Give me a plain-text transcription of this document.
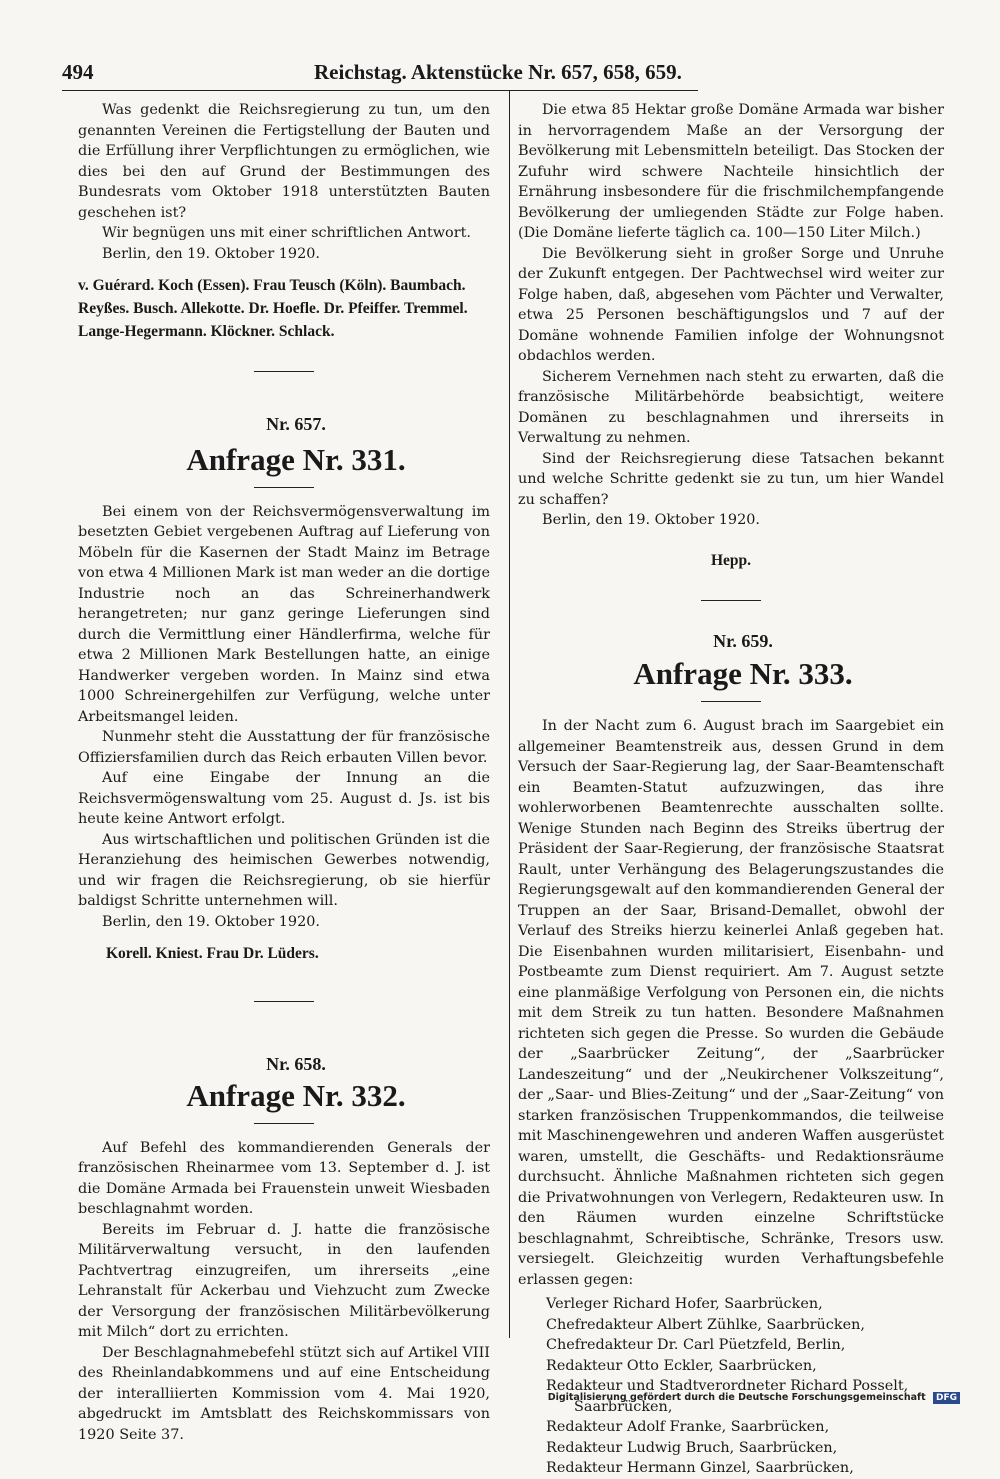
494	Reichstag. Aktenstücke Nr. 657, 658, 659.

Was gedenkt die Reichsregierung zu tun, um den genannten Vereinen die Fertigstellung der Bauten und die Erfüllung ihrer Verpflichtungen zu ermöglichen, wie dies bei den auf Grund der Bestimmungen des Bundesrats vom Oktober 1918 unterstützten Bauten geschehen ist?

Wir begnügen uns mit einer schriftlichen Antwort.

Berlin, den 19. Oktober 1920.

v. Guérard. Koch (Essen). Frau Teusch (Köln). Baumbach. Reyßes. Busch. Allekotte. Dr. Hoefle. Dr. Pfeiffer. Tremmel. Lange-Hegermann. Klöckner. Schlack.

Nr. 657.

Anfrage Nr. 331.

Bei einem von der Reichsvermögensverwaltung im besetzten Gebiet vergebenen Auftrag auf Lieferung von Möbeln für die Kasernen der Stadt Mainz im Betrage von etwa 4 Millionen Mark ist man weder an die dortige Industrie noch an das Schreinerhandwerk herangetreten; nur ganz geringe Lieferungen sind durch die Vermittlung einer Händlerfirma, welche für etwa 2 Millionen Mark Bestellungen hatte, an einige Handwerker vergeben worden. In Mainz sind etwa 1000 Schreinergehilfen zur Verfügung, welche unter Arbeitsmangel leiden.

Nunmehr steht die Ausstattung der für französische Offiziersfamilien durch das Reich erbauten Villen bevor.

Auf eine Eingabe der Innung an die Reichsvermögenswaltung vom 25. August d. Js. ist bis heute keine Antwort erfolgt.

Aus wirtschaftlichen und politischen Gründen ist die Heranziehung des heimischen Gewerbes notwendig, und wir fragen die Reichsregierung, ob sie hierfür baldigst Schritte unternehmen will.

Berlin, den 19. Oktober 1920.

Korell. Kniest. Frau Dr. Lüders.

Nr. 658.

Anfrage Nr. 332.

Auf Befehl des kommandierenden Generals der französischen Rheinarmee vom 13. September d. J. ist die Domäne Armada bei Frauenstein unweit Wiesbaden beschlagnahmt worden.

Bereits im Februar d. J. hatte die französische Militärverwaltung versucht, in den laufenden Pachtvertrag einzugreifen, um ihrerseits „eine Lehranstalt für Ackerbau und Viehzucht zum Zwecke der Versorgung der französischen Militärbevölkerung mit Milch“ dort zu errichten.

Der Beschlagnahmebefehl stützt sich auf Artikel VIII des Rheinlandabkommens und auf eine Entscheidung der interalliierten Kommission vom 4. Mai 1920, abgedruckt im Amtsblatt des Reichskommissars von 1920 Seite 37.

Die etwa 85 Hektar große Domäne Armada war bisher in hervorragendem Maße an der Versorgung der Bevölkerung mit Lebensmitteln beteiligt. Das Stocken der Zufuhr wird schwere Nachteile hinsichtlich der Ernährung insbesondere für die frischmilchempfangende Bevölkerung der umliegenden Städte zur Folge haben. (Die Domäne lieferte täglich ca. 100—150 Liter Milch.)

Die Bevölkerung sieht in großer Sorge und Unruhe der Zukunft entgegen. Der Pachtwechsel wird weiter zur Folge haben, daß, abgesehen vom Pächter und Verwalter, etwa 25 Personen beschäftigungslos und 7 auf der Domäne wohnende Familien infolge der Wohnungsnot obdachlos werden.

Sicherem Vernehmen nach steht zu erwarten, daß die französische Militärbehörde beabsichtigt, weitere Domänen zu beschlagnahmen und ihrerseits in Verwaltung zu nehmen.

Sind der Reichsregierung diese Tatsachen bekannt und welche Schritte gedenkt sie zu tun, um hier Wandel zu schaffen?

Berlin, den 19. Oktober 1920.

Hepp.

Nr. 659.

Anfrage Nr. 333.

In der Nacht zum 6. August brach im Saargebiet ein allgemeiner Beamtenstreik aus, dessen Grund in dem Versuch der Saar-Regierung lag, der Saar-Beamtenschaft ein Beamten-Statut aufzuzwingen, das ihre wohlerworbenen Beamtenrechte ausschalten sollte. Wenige Stunden nach Beginn des Streiks übertrug der Präsident der Saar-Regierung, der französische Staatsrat Rault, unter Verhängung des Belagerungszustandes die Regierungsgewalt auf den kommandierenden General der Truppen an der Saar, Brisand-Demallet, obwohl der Verlauf des Streiks hierzu keinerlei Anlaß gegeben hat. Die Eisenbahnen wurden militarisiert, Eisenbahn- und Postbeamte zum Dienst requiriert. Am 7. August setzte eine planmäßige Verfolgung von Personen ein, die nichts mit dem Streik zu tun hatten. Besondere Maßnahmen richteten sich gegen die Presse. So wurden die Gebäude der „Saarbrücker Zeitung“, der „Saarbrücker Landeszeitung“ und der „Neukirchener Volkszeitung“, der „Saar- und Blies-Zeitung“ und der „Saar-Zeitung“ von starken französischen Truppenkommandos, die teilweise mit Maschinengewehren und anderen Waffen ausgerüstet waren, umstellt, die Geschäfts- und Redaktionsräume durchsucht. Ähnliche Maßnahmen richteten sich gegen die Privatwohnungen von Verlegern, Redakteuren usw. In den Räumen wurden einzelne Schriftstücke beschlagnahmt, Schreibtische, Schränke, Tresors usw. versiegelt. Gleichzeitig wurden Verhaftungsbefehle erlassen gegen:

Verleger Richard Hofer, Saarbrücken,
Chefredakteur Albert Zühlke, Saarbrücken,
Chefredakteur Dr. Carl Püetzfeld, Berlin,
Redakteur Otto Eckler, Saarbrücken,
Redakteur und Stadtverordneter Richard Posselt,
Saarbrücken,
Redakteur Adolf Franke, Saarbrücken,
Redakteur Ludwig Bruch, Saarbrücken,
Redakteur Hermann Ginzel, Saarbrücken,
Digitalisierung gefördert durch die Deutsche Forschungsgemeinschaft DFG
